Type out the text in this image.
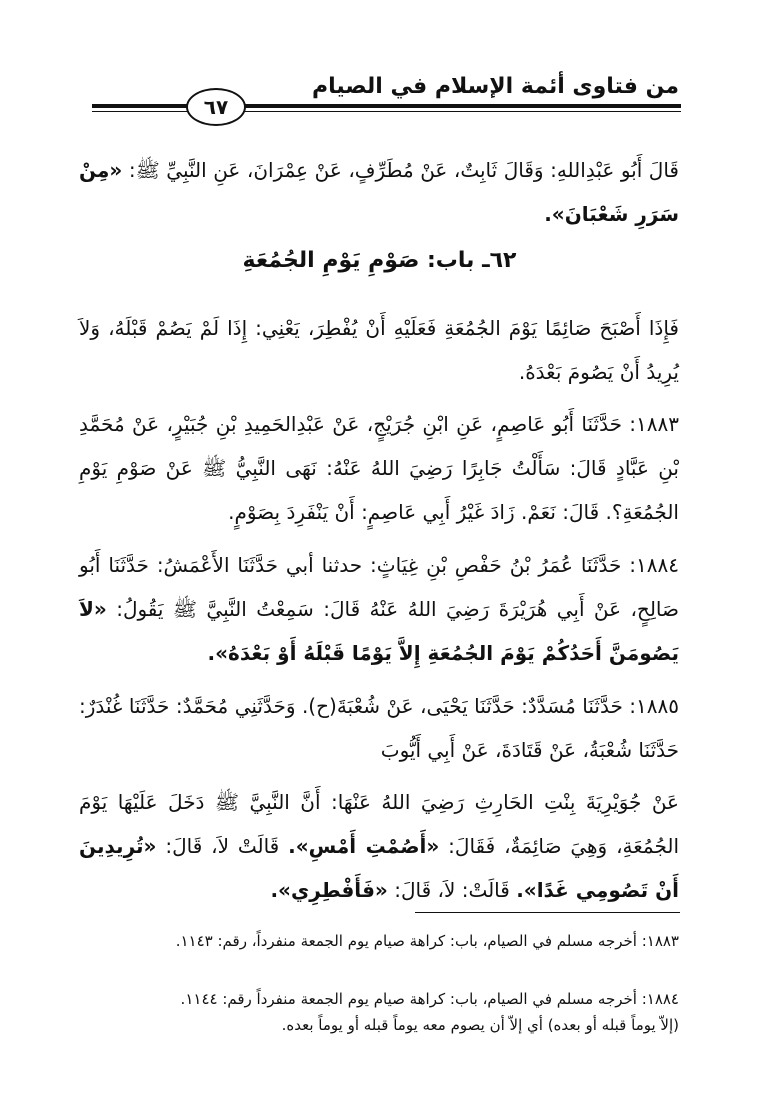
من فتاوى أئمة الإسلام في الصيام
٦٧
قَالَ أَبُو عَبْدِاللهِ: وَقَالَ ثَابِتٌ، عَنْ مُطَرِّفٍ، عَنْ عِمْرَانَ، عَنِ النَّبِيِّ ﷺ: «مِنْ سَرَرِ شَعْبَانَ».
٦٢ـ باب: صَوْمِ يَوْمِ الجُمُعَةِ
فَإِذَا أَصْبَحَ صَائِمًا يَوْمَ الجُمُعَةِ فَعَلَيْهِ أَنْ يُفْطِرَ، يَعْنِي: إِذَا لَمْ يَصُمْ قَبْلَهُ، وَلاَ يُرِيدُ أَنْ يَصُومَ بَعْدَهُ.
١٨٨٣: حَدَّثَنَا أَبُو عَاصِمٍ، عَنِ ابْنِ جُرَيْجٍ، عَنْ عَبْدِالحَمِيدِ بْنِ جُبَيْرٍ، عَنْ مُحَمَّدِ بْنِ عَبَّادٍ قَالَ: سَأَلْتُ جَابِرًا رَضِيَ اللهُ عَنْهُ: نَهَى النَّبِيُّ ﷺ عَنْ صَوْمِ يَوْمِ الجُمُعَةِ؟. قَالَ: نَعَمْ. زَادَ غَيْرُ أَبِي عَاصِمٍ: أَنْ يَنْفَرِدَ بِصَوْمٍ.
١٨٨٤: حَدَّثَنَا عُمَرُ بْنُ حَفْصِ بْنِ غِيَاثٍ: حدثنا أبي حَدَّثَنَا الأَعْمَشُ: حَدَّثَنَا أَبُو صَالِحٍ، عَنْ أَبِي هُرَيْرَةَ رَضِيَ اللهُ عَنْهُ قَالَ: سَمِعْتُ النَّبِيَّ ﷺ يَقُولُ: «لاَ يَصُومَنَّ أَحَدُكُمْ يَوْمَ الجُمُعَةِ إِلاَّ يَوْمًا قَبْلَهُ أَوْ بَعْدَهُ».
١٨٨٥: حَدَّثَنَا مُسَدَّدٌ: حَدَّثَنَا يَحْيَى، عَنْ شُعْبَةَ(ح). وَحَدَّثَنِي مُحَمَّدٌ: حَدَّثَنَا غُنْدَرٌ: حَدَّثَنَا شُعْبَةُ، عَنْ قَتَادَةَ، عَنْ أَبِي أَيُّوبَ
عَنْ جُوَيْرِيَةَ بِنْتِ الحَارِثِ رَضِيَ اللهُ عَنْهَا: أَنَّ النَّبِيَّ ﷺ دَخَلَ عَلَيْهَا يَوْمَ الجُمُعَةِ، وَهِيَ صَائِمَةٌ، فَقَالَ: «أَصُمْتِ أَمْسِ». قَالَتْ لاَ، قَالَ: «تُرِيدِينَ أَنْ تَصُومِي غَدًا». قَالَتْ: لاَ، قَالَ: «فَأَفْطِرِي».
١٨٨٣: أخرجه مسلم في الصيام، باب: كراهة صيام يوم الجمعة منفرداً، رقم: ١١٤٣.
١٨٨٤: أخرجه مسلم في الصيام، باب: كراهة صيام يوم الجمعة منفرداً رقم: ١١٤٤.
(إلاّ يوماً قبله أو بعده) أي إلاّ أن يصوم معه يوماً قبله أو يوماً بعده.
